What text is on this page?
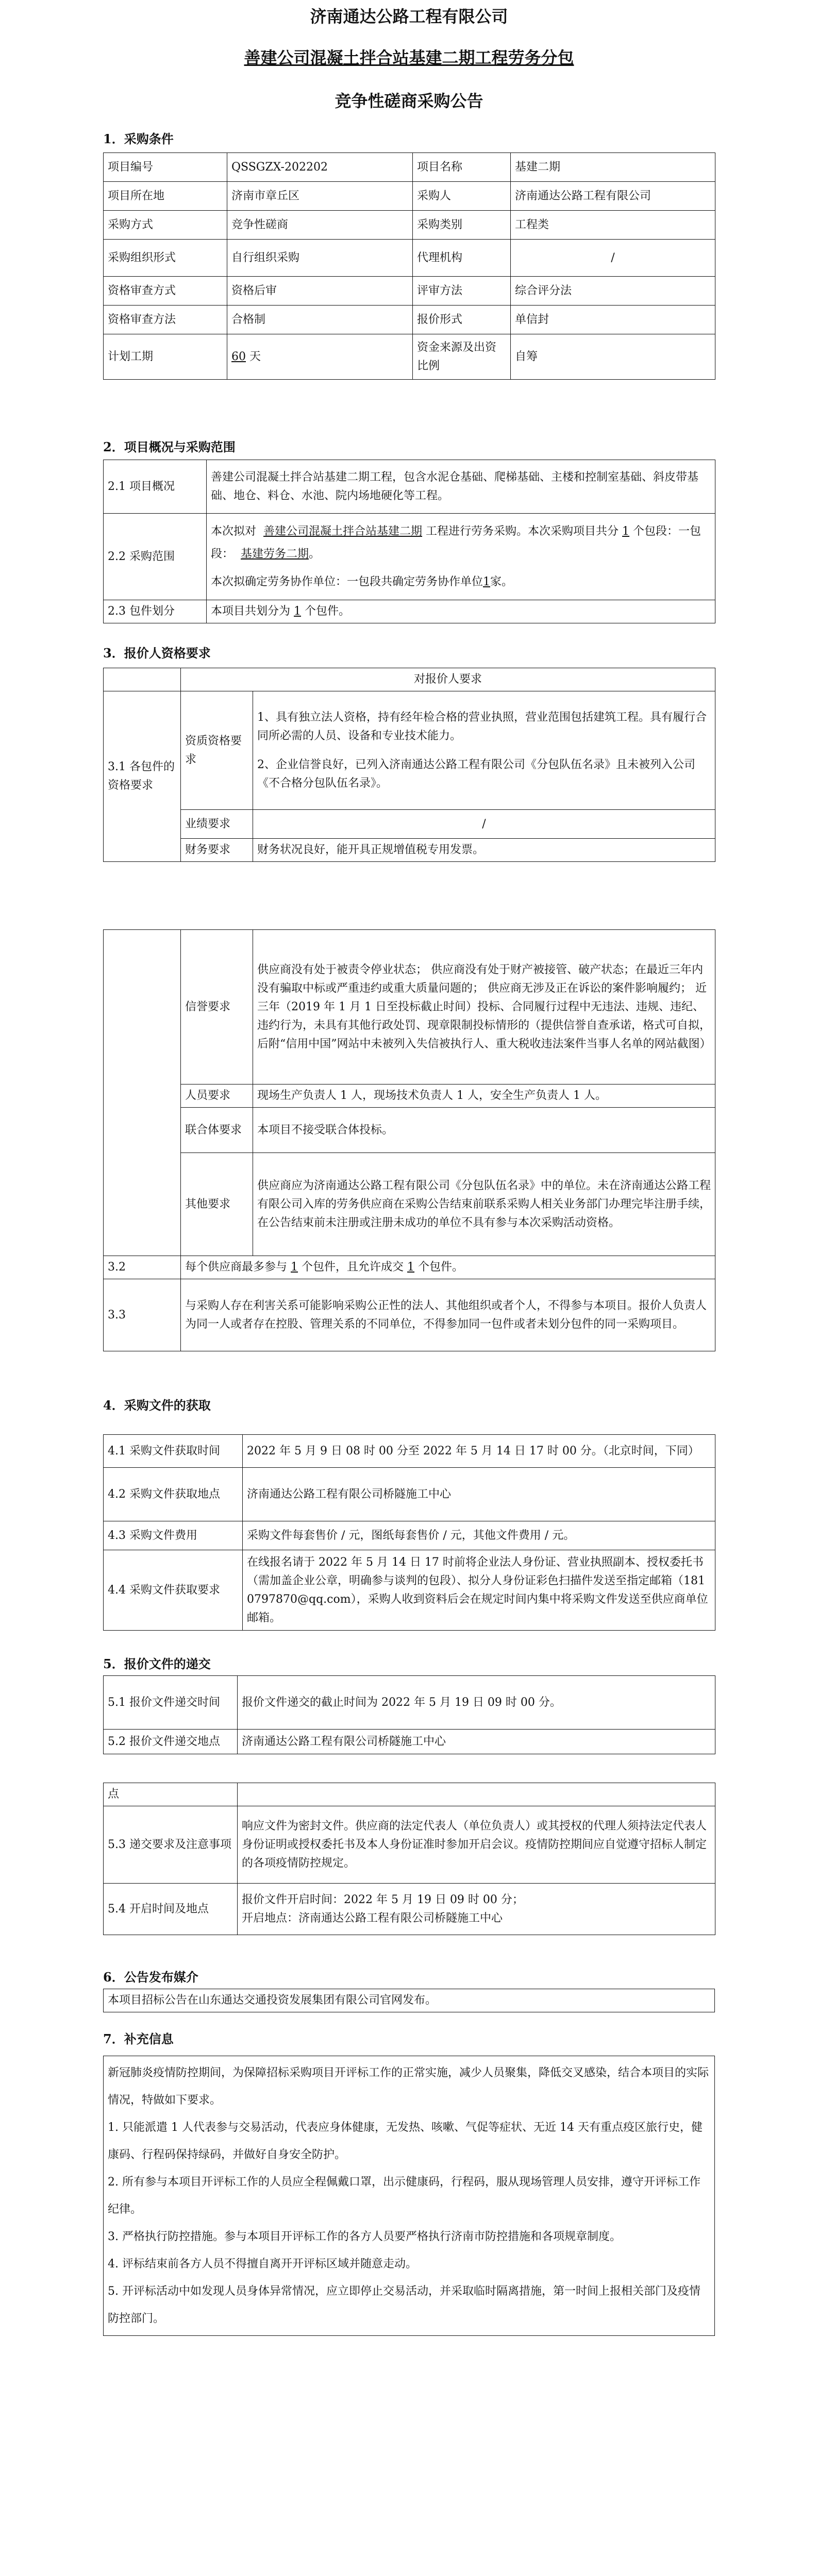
济南通达公路工程有限公司
善建公司混凝土拌合站基建二期工程劳务分包
竞争性磋商采购公告
1．采购条件
项目编号	QSSGZX-202202	项目名称	基建二期
项目所在地	济南市章丘区	采购人	济南通达公路工程有限公司
采购方式	竞争性磋商	采购类别	工程类
采购组织形式	自行组织采购	代理机构	/
资格审查方式	资格后审	评审方法	综合评分法
资格审查方法	合格制	报价形式	单信封
计划工期	60 天	资金来源及出资比例	自筹
2．项目概况与采购范围
2.1 项目概况	善建公司混凝土拌合站基建二期工程，包含水泥仓基础、爬梯基础、主楼和控制室基础、斜皮带基础、地仓、料仓、水池、院内场地硬化等工程。
2.2 采购范围	本次拟对 善建公司混凝土拌合站基建二期 工程进行劳务采购。本次采购项目共分 1 个包段：一包段： 基建劳务二期。
本次拟确定劳务协作单位：一包段共确定劳务协作单位1家。

2.3 包件划分	本项目共划分为 1 个包件。
3．报价人资格要求
	对报价人要求	
3.1 各包件的资格要求	资质资格要求	1、具有独立法人资格，持有经年检合格的营业执照，营业范围包括建筑工程。具有履行合同所必需的人员、设备和专业技术能力。
2、企业信誉良好，已列入济南通达公路工程有限公司《分包队伍名录》且未被列入公司《不合格分包队伍名录》。

	业绩要求	/
	财务要求	财务状况良好，能开具正规增值税专用发票。
	信誉要求	供应商没有处于被责令停业状态； 供应商没有处于财产被接管、破产状态；在最近三年内没有骗取中标或严重违约或重大质量问题的； 供应商无涉及正在诉讼的案件影响履约； 近三年（2019 年 1 月 1 日至投标截止时间）投标、合同履行过程中无违法、违规、违纪、违约行为，未具有其他行政处罚、现章限制投标情形的（提供信誉自查承诺，格式可自拟，后附“信用中国”网站中未被列入失信被执行人、重大税收违法案件当事人名单的网站截图）
	人员要求	现场生产负责人 1 人，现场技术负责人 1 人，安全生产负责人 1 人。
	联合体要求	本项目不接受联合体投标。
	其他要求	供应商应为济南通达公路工程有限公司《分包队伍名录》中的单位。未在济南通达公路工程有限公司入库的劳务供应商在采购公告结束前联系采购人相关业务部门办理完毕注册手续，在公告结束前未注册或注册未成功的单位不具有参与本次采购活动资格。
3.2	每个供应商最多参与 1 个包件，且允许成交 1 个包件。	
3.3	与采购人存在利害关系可能影响采购公正性的法人、其他组织或者个人，不得参与本项目。报价人负责人为同一人或者存在控股、管理关系的不同单位，不得参加同一包件或者未划分包件的同一采购项目。	
4．采购文件的获取
4.1 采购文件获取时间	2022 年 5 月 9 日 08 时 00 分至 2022 年 5 月 14 日 17 时 00 分。（北京时间，下同）
4.2 采购文件获取地点	济南通达公路工程有限公司桥隧施工中心
4.3 采购文件费用	采购文件每套售价 / 元，图纸每套售价 / 元，其他文件费用 / 元。
4.4 采购文件获取要求	在线报名请于 2022 年 5 月 14 日 17 时前将企业法人身份证、营业执照副本、授权委托书（需加盖企业公章，明确参与谈判的包段）、拟分人身份证彩色扫描件发送至指定邮箱（1810797870@qq.com），采购人收到资料后会在规定时间内集中将采购文件发送至供应商单位邮箱。
5．报价文件的递交
5.1 报价文件递交时间	报价文件递交的截止时间为 2022 年 5 月 19 日 09 时 00 分。
5.2 报价文件递交地点	济南通达公路工程有限公司桥隧施工中心
点	
5.3 递交要求及注意事项	响应文件为密封文件。供应商的法定代表人（单位负责人）或其授权的代理人须持法定代表人身份证明或授权委托书及本人身份证准时参加开启会议。疫情防控期间应自觉遵守招标人制定的各项疫情防控规定。
5.4 开启时间及地点	报价文件开启时间：2022 年 5 月 19 日 09 时 00 分；
开启地点：济南通达公路工程有限公司桥隧施工中心
6．公告发布媒介
本项目招标公告在山东通达交通投资发展集团有限公司官网发布。
7．补充信息
新冠肺炎疫情防控期间，为保障招标采购项目开评标工作的正常实施，减少人员聚集，降低交叉感染，结合本项目的实际情况，特做如下要求。
1. 只能派遣 1 人代表参与交易活动，代表应身体健康，无发热、咳嗽、气促等症状、无近 14 天有重点疫区旅行史，健康码、行程码保持绿码，并做好自身安全防护。
2. 所有参与本项目开评标工作的人员应全程佩戴口罩，出示健康码，行程码，服从现场管理人员安排，遵守开评标工作纪律。
3. 严格执行防控措施。参与本项目开评标工作的各方人员要严格执行济南市防控措施和各项规章制度。
4. 评标结束前各方人员不得擅自离开开评标区域并随意走动。
5. 开评标活动中如发现人员身体异常情况，应立即停止交易活动，并采取临时隔离措施，第一时间上报相关部门及疫情防控部门。
